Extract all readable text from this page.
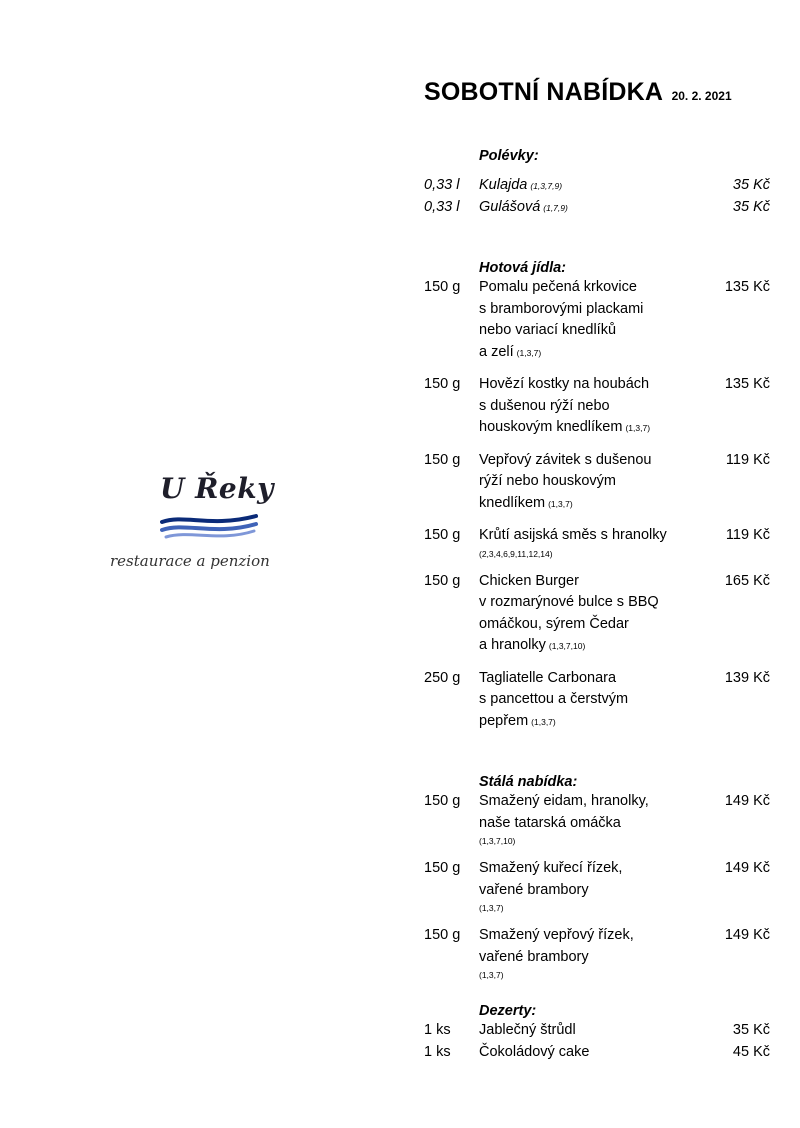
U Řeky
restaurace a penzion
SOBOTNÍ NABÍDKA 20. 2. 2021
Polévky:
0,33 l	Kulajda (1,3,7,9)	35 Kč
0,33 l	Gulášová (1,7,9)	35 Kč
Hotová jídla:
150 g	Pomalu pečená krkovice
s bramborovými plackami
nebo variací knedlíků
a zelí (1,3,7)
135 Kč
150 g	Hovězí kostky na houbách
s dušenou rýží nebo
houskovým knedlíkem (1,3,7)
135 Kč
150 g	Vepřový závitek s dušenou
rýží nebo houskovým
knedlíkem (1,3,7)
119 Kč
150 g	Krůtí asijská směs s hranolky
(2,3,4,6,9,11,12,14)
119 Kč
150 g	Chicken Burger
v rozmarýnové bulce s BBQ
omáčkou, sýrem Čedar
a hranolky (1,3,7,10)
165 Kč
250 g	Tagliatelle Carbonara
s pancettou a čerstvým
pepřem (1,3,7)
139 Kč
Stálá nabídka:
150 g	Smažený eidam, hranolky,
naše tatarská omáčka
(1,3,7,10)
149 Kč
150 g	Smažený kuřecí řízek,
vařené brambory
(1,3,7)
149 Kč
150 g	Smažený vepřový řízek,
vařené brambory
(1,3,7)
149 Kč
Dezerty:
1 ks	Jablečný štrůdl	35 Kč
1 ks	Čokoládový cake	45 Kč
